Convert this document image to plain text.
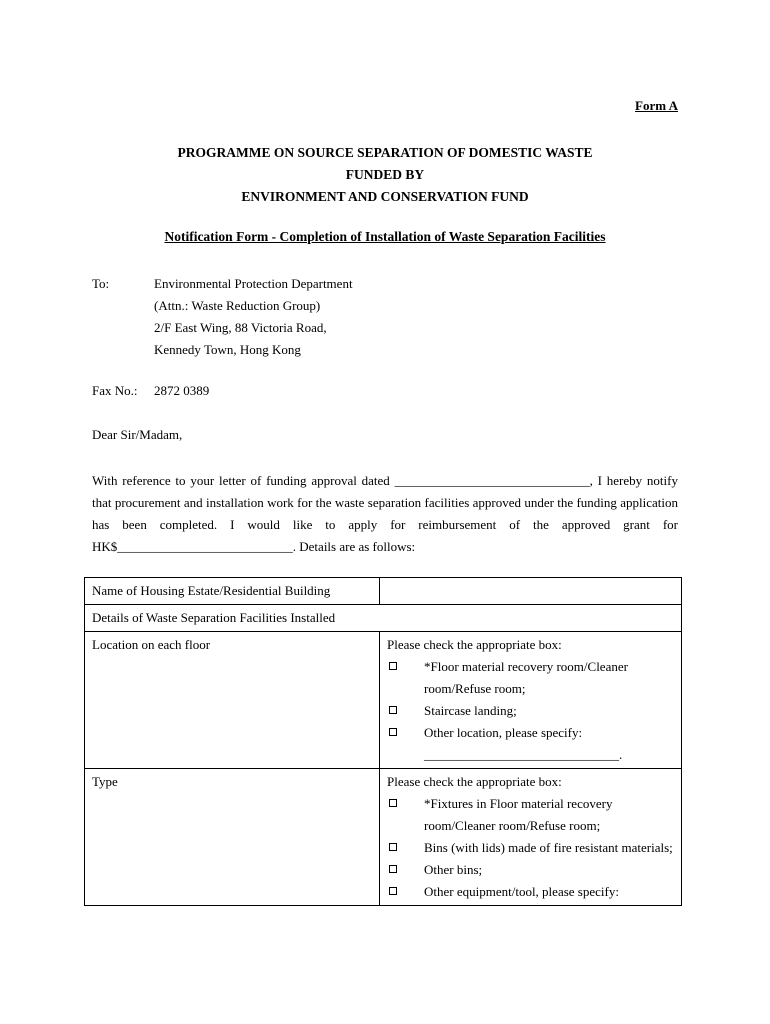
Form A
PROGRAMME ON SOURCE SEPARATION OF DOMESTIC WASTE
FUNDED BY
ENVIRONMENT AND CONSERVATION FUND
Notification Form - Completion of Installation of Waste Separation Facilities
To:	Environmental Protection Department
(Attn.: Waste Reduction Group)
2/F East Wing, 88 Victoria Road,
Kennedy Town, Hong Kong
Fax No.: 2872 0389
Dear Sir/Madam,
With reference to your letter of funding approval dated ______________________________, I hereby notify that procurement and installation work for the waste separation facilities approved under the funding application has been completed. I would like to apply for reimbursement of the approved grant for HK$___________________________. Details are as follows:
Name of Housing Estate/Residential Building	
Details of Waste Separation Facilities Installed	
Location on each floor	Please check the appropriate box:
*Floor material recovery room/Cleaner room/Refuse room;
Staircase landing;
Other location, please specify: ______________________________.

Type	Please check the appropriate box:
*Fixtures in Floor material recovery room/Cleaner room/Refuse room;
Bins (with lids) made of fire resistant materials;
Other bins;
Other equipment/tool, please specify:
